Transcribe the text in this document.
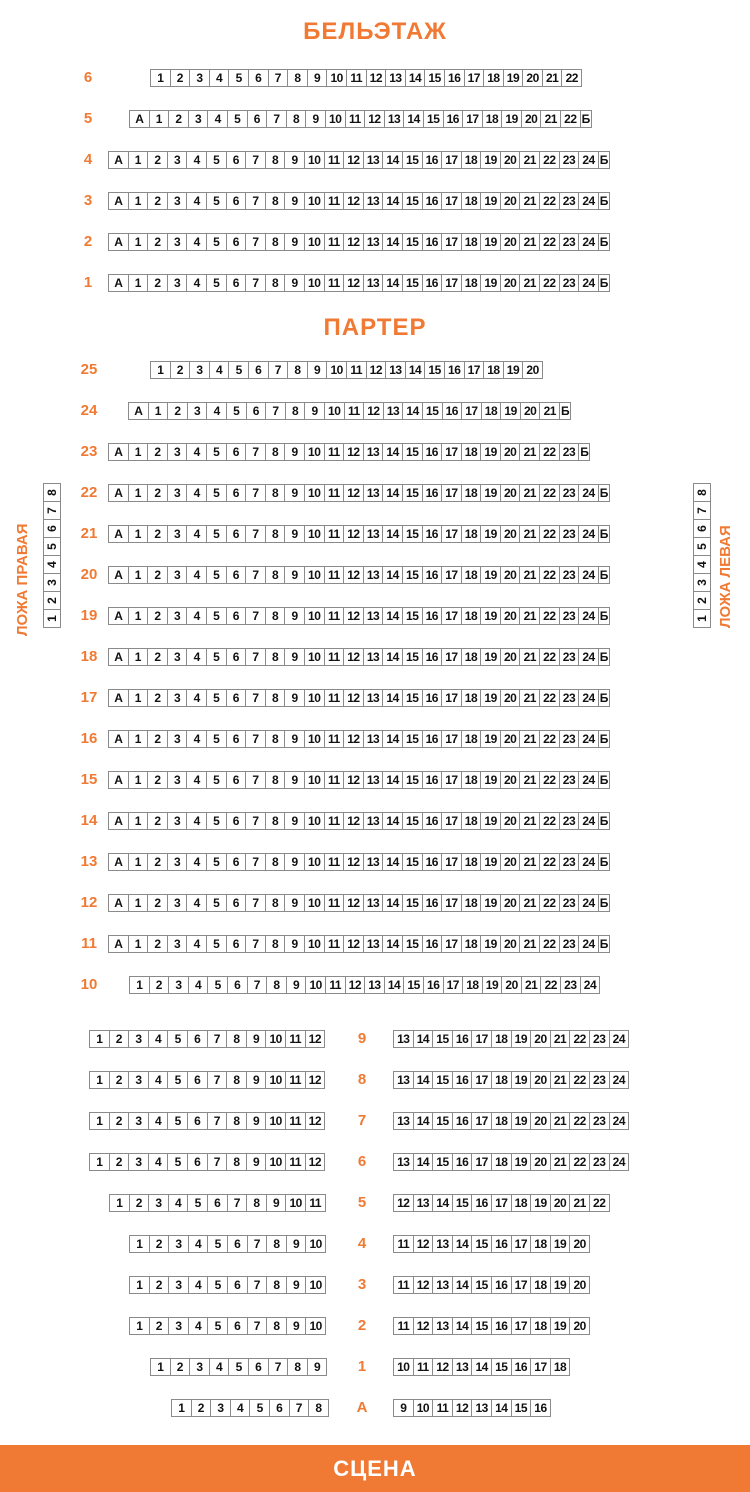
БЕЛЬЭТАЖ
ПАРТЕР
6	1	2	3	4	5	6	7	8	9 10 11 12 13 14 15 16 17 18 19 20 21 22
5	А	1	2	3	4	5	6	7	8	9 10 11 12 13 14 15 16 17 18 19 20 21 22 Б
4	А	1	2	3	4	5	6	7	8	9 10 11 12 13 14 15 16 17 18 19 20 21 22 23 24 Б
3	А	1	2	3	4	5	6	7	8	9 10 11 12 13 14 15 16 17 18 19 20 21 22 23 24 Б
2	А	1	2	3	4	5	6	7	8	9 10 11 12 13 14 15 16 17 18 19 20 21 22 23 24 Б
1	А	1	2	3	4	5	6	7	8	9 10 11 12 13 14 15 16 17 18 19 20 21 22 23 24 Б
25	1	2	3	4	5	6	7	8	9 10 11 12 13 14 15 16 17 18 19 20
24	А	1	2	3	4	5	6	7	8	9 10 11 12 13 14 15 16 17 18 19 20 21 Б
23	А	1	2	3	4	5	6	7	8	9 10 11 12 13 14 15 16 17 18 19 20 21 22 23 Б
22	А	1	2	3	4	5	6	7	8	9 10 11 12 13 14 15 16 17 18 19 20 21 22 23 24 Б
21	А	1	2	3	4	5	6	7	8	9 10 11 12 13 14 15 16 17 18 19 20 21 22 23 24 Б
20	А	1	2	3	4	5	6	7	8	9 10 11 12 13 14 15 16 17 18 19 20 21 22 23 24 Б
19	А	1	2	3	4	5	6	7	8	9 10 11 12 13 14 15 16 17 18 19 20 21 22 23 24 Б
18	А	1	2	3	4	5	6	7	8	9 10 11 12 13 14 15 16 17 18 19 20 21 22 23 24 Б
17	А	1	2	3	4	5	6	7	8	9 10 11 12 13 14 15 16 17 18 19 20 21 22 23 24 Б
16	А	1	2	3	4	5	6	7	8	9 10 11 12 13 14 15 16 17 18 19 20 21 22 23 24 Б
15	А	1	2	3	4	5	6	7	8	9 10 11 12 13 14 15 16 17 18 19 20 21 22 23 24 Б
14	А	1	2	3	4	5	6	7	8	9 10 11 12 13 14 15 16 17 18 19 20 21 22 23 24 Б
13	А	1	2	3	4	5	6	7	8	9 10 11 12 13 14 15 16 17 18 19 20 21 22 23 24 Б
12	А	1	2	3	4	5	6	7	8	9 10 11 12 13 14 15 16 17 18 19 20 21 22 23 24 Б
11	А	1	2	3	4	5	6	7	8	9 10 11 12 13 14 15 16 17 18 19 20 21 22 23 24 Б
10	1	2	3	4	5	6	7	8	9 10 11 12 13 14 15 16 17 18 19 20 21 22 23 24
9
1	2	3	4	5	6	7	8	9 10 11 12	13 14 15 16 17 18 19 20 21 22 23 24
8
1	2	3	4	5	6	7	8	9 10 11 12	13 14 15 16 17 18 19 20 21 22 23 24
7
1	2	3	4	5	6	7	8	9 10 11 12	13 14 15 16 17 18 19 20 21 22 23 24
6
1	2	3	4	5	6	7	8	9 10 11 12	13 14 15 16 17 18 19 20 21 22 23 24
5
1	2	3	4	5	6	7	8	9 10 11	12 13 14 15 16 17 18 19 20 21 22
4
1	2	3	4	5	6	7	8	9 10	11 12 13 14 15 16 17 18 19 20
3
1	2	3	4	5	6	7	8	9 10	11 12 13 14 15 16 17 18 19 20
2
1	2	3	4	5	6	7	8	9 10	11 12 13 14 15 16 17 18 19 20
1
1	2	3	4	5	6	7	8	9	10 11 12 13 14 15 16 17 18
А
1	2	3	4	5	6	7	8	9 10 11 12 13 14 15 16
ЛОЖА ПРАВАЯ
8
7
6
5
4
3
2
1
8
7
6
5
4
3
2
1 ЛОЖА ЛЕВАЯ
СЦЕНА
